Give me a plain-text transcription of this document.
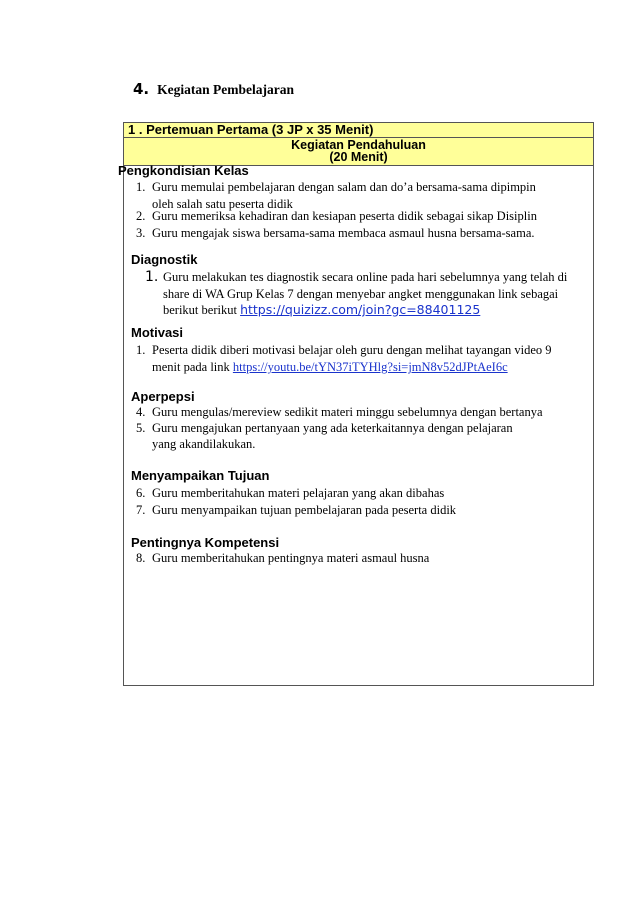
4. Kegiatan Pembelajaran
1 . Pertemuan Pertama (3 JP x 35 Menit)
Kegiatan Pendahuluan
(20 Menit)
Pengkondisian Kelas
1. Guru memulai pembelajaran dengan salam dan do’a bersama-sama dipimpin
oleh salah satu peserta didik
2. Guru memeriksa kehadiran dan kesiapan peserta didik sebagai sikap Disiplin
3. Guru mengajak siswa bersama-sama membaca asmaul husna bersama-sama.
Diagnostik
1. Guru melakukan tes diagnostik secara online pada hari sebelumnya yang telah di
share di WA Grup Kelas 7 dengan menyebar angket menggunakan link sebagai
berikut berikut https://quizizz.com/join?gc=88401125
Motivasi
1. Peserta didik diberi motivasi belajar oleh guru dengan melihat tayangan video 9
menit pada link https://youtu.be/tYN37iTYHlg?si=jmN8v52dJPtAeI6c
Aperpepsi
4. Guru mengulas/mereview sedikit materi minggu sebelumnya dengan bertanya
5. Guru mengajukan pertanyaan yang ada keterkaitannya dengan pelajaran
yang akandilakukan.
Menyampaikan Tujuan
6. Guru memberitahukan materi pelajaran yang akan dibahas
7. Guru menyampaikan tujuan pembelajaran pada peserta didik
Pentingnya Kompetensi
8. Guru memberitahukan pentingnya materi asmaul husna
